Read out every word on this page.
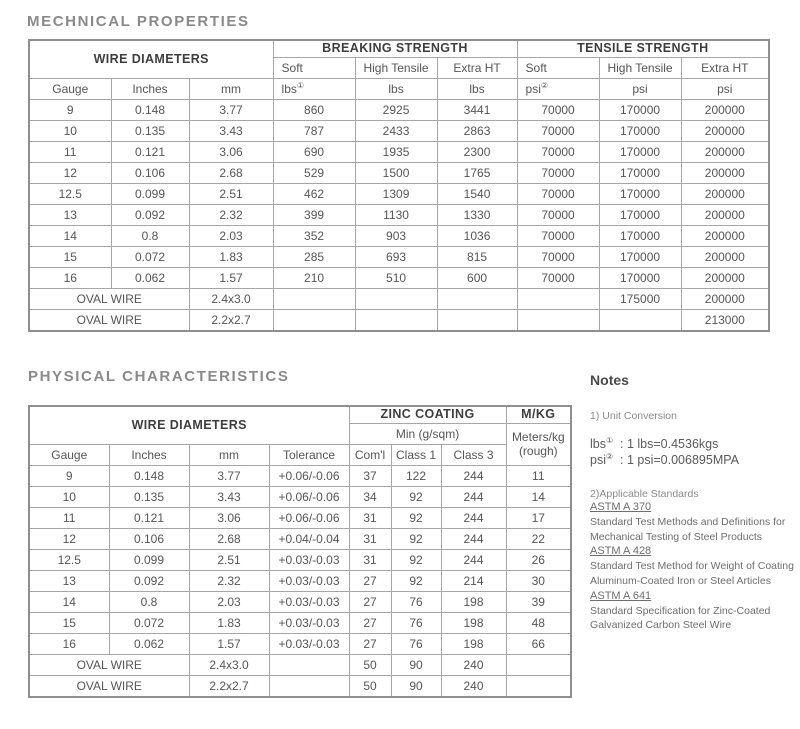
MECHNICAL PROPERTIES
WIRE DIAMETERS			BREAKING STRENGTH			TENSILE STRENGTH		
			Soft	High Tensile	Extra HT	Soft	High Tensile	Extra HT
Gauge	Inches	mm	lbs①	lbs	lbs	psi②	psi	psi
9	0.148	3.77	860	2925	3441	70000	170000	200000
10	0.135	3.43	787	2433	2863	70000	170000	200000
11	0.121	3.06	690	1935	2300	70000	170000	200000
12	0.106	2.68	529	1500	1765	70000	170000	200000
12.5	0.099	2.51	462	1309	1540	70000	170000	200000
13	0.092	2.32	399	1130	1330	70000	170000	200000
14	0.8	2.03	352	903	1036	70000	170000	200000
15	0.072	1.83	285	693	815	70000	170000	200000
16	0.062	1.57	210	510	600	70000	170000	200000
OVAL WIRE		2.4x3.0					175000	200000
OVAL WIRE		2.2x2.7						213000
PHYSICAL CHARACTERISTICS
WIRE DIAMETERS				ZINC COATING			M/KG
				Min (g/sqm)			Meters/kg
(rough)

Gauge	Inches	mm	Tolerance	Com'l	Class 1	Class 3	
9	0.148	3.77	+0.06/-0.06	37	122	244	11
10	0.135	3.43	+0.06/-0.06	34	92	244	14
11	0.121	3.06	+0.06/-0.06	31	92	244	17
12	0.106	2.68	+0.04/-0.04	31	92	244	22
12.5	0.099	2.51	+0.03/-0.03	31	92	244	26
13	0.092	2.32	+0.03/-0.03	27	92	214	30
14	0.8	2.03	+0.03/-0.03	27	76	198	39
15	0.072	1.83	+0.03/-0.03	27	76	198	48
16	0.062	1.57	+0.03/-0.03	27	76	198	66
OVAL WIRE		2.4x3.0		50	90	240	
OVAL WIRE		2.2x2.7		50	90	240	
Notes
1) Unit Conversion
lbs① : 1 lbs=0.4536kgs
psi② : 1 psi=0.006895MPA
2)Applicable Standards
ASTM A 370
Standard Test Methods and Definitions for Mechanical Testing of Steel Products
ASTM A 428
Standard Test Method for Weight of Coating Aluminum-Coated Iron or Steel Articles
ASTM A 641
Standard Specification for Zinc-Coated Galvanized Carbon Steel Wire
